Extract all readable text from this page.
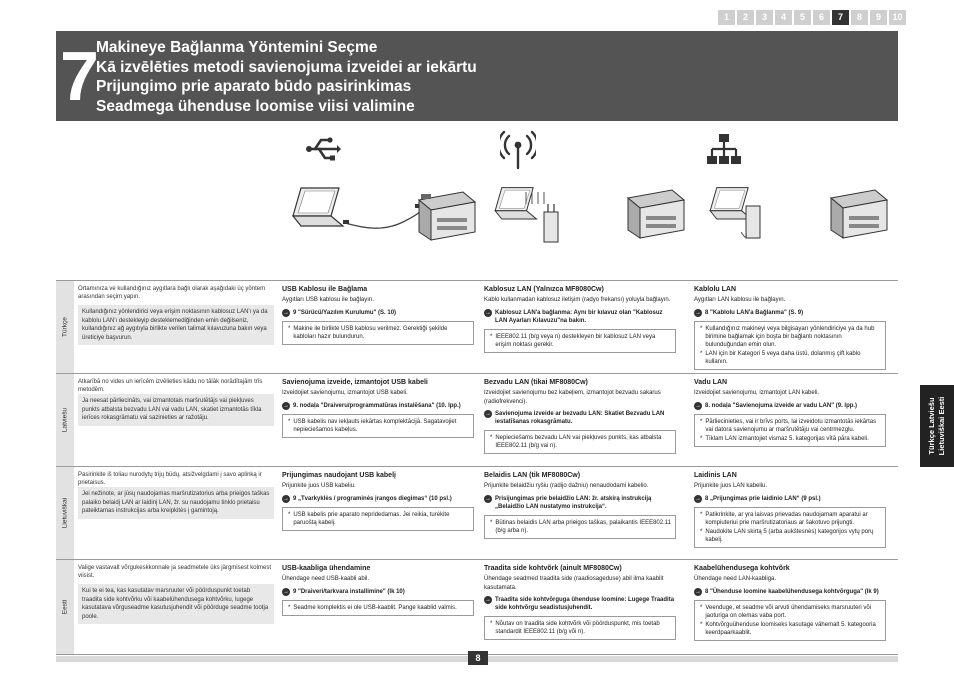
1	2	3	4	5	6	7	8	9	10
7
Makineye Bağlanma Yöntemini Seçme
Kā izvēlēties metodi savienojuma izveidei ar iekārtu
Prijungimo prie aparato būdo pasirinkimas
Seadmega ühenduse loomise viisi valimine
Türkçe
Ortamınıza ve kullandığınız aygıtlara bağlı olarak aşağıdaki üç yöntem arasından seçim yapın.
Kullandığınız yönlendirici veya erişim noktasının kablosuz LAN'ı ya da kablolu LAN'ı destekleyip desteklemediğinden emin değilseniz, kullandığınız ağ aygıtıyla birlikte verilen talimat kılavuzuna bakın veya üreticiye başvurun.
USB Kablosu ile Bağlama
Aygıtları USB kablosu ile bağlayın.
→ 9 "Sürücü/Yazılım Kurulumu" (S. 10)

* Makine ile birlikte USB kablosu verilmez. Gerektiği şekilde kabloları hazır bulundurun.

Kablosuz LAN (Yalnızca MF8080Cw)
Kablo kullanmadan kablosuz iletişim (radyo frekansı) yoluyla bağlayın.
→ Kablosuz LAN'a bağlanma: Aynı bir kılavuz olan "Kablosuz LAN Ayarları Kılavuzu"na bakın.

* IEEE802.11 (b/g veya n) destekleyen bir kablosuz LAN veya erişim noktası gerekir.

Kablolu LAN
Aygıtları LAN kablosu ile bağlayın.
→ 8 "Kablolu LAN'a Bağlanma" (S. 9)

* Kullandığınız makineyi veya bilgisayarı yönlendiriciye ya da hub birimine bağlamak için boşta bir bağlantı noktasının bulunduğundan emin olun.

* LAN için bir Kategori 5 veya daha üstü, dolanmış çift kablo kullanın.

Latviešu
Atkarībā no vides un ierīcēm izvēlieties kādu no tālāk norādītajām trīs metodēm.
Ja neesat pārliecināts, vai izmantotais maršrutētājs vai piekļuves punkts atbalsta bezvadu LAN vai vadu LAN, skatiet izmantotās tīkla ierīces rokasgrāmatu vai sazinieties ar ražotāju.
Savienojuma izveide, izmantojot USB kabeli
Izveidojiet savienojumu, izmantojot USB kabeli.
→ 9. nodaļa "Draiveru/programmatūras instalēšana" (10. lpp.)

* USB kabelis nav iekļauts iekārtas komplektācijā. Sagatavojiet nepieciešamos kabeļus.

Bezvadu LAN (tikai MF8080Cw)
Izveidojiet savienojumu bez kabeļiem, izmantojot bezvadu sakarus (radiofrekvenci).
→ Savienojuma izveide ar bezvadu LAN: Skatiet Bezvadu LAN iestatīšanas rokasgrāmatu.

* Nepieciešams bezvadu LAN vai piekļuves punkts, kas atbalsta IEEE802.11 (b/g vai n).

Vadu LAN
Izveidojiet savienojumu, izmantojot LAN kabeli.
→ 8. nodaļa "Savienojuma izveide ar vadu LAN" (9. lpp.)

* Pārliecinieties, vai ir brīvs ports, lai izveidotu izmantotās iekārtas vai datora savienojumu ar maršrutētāju vai centrmezglu.

* Tīklam LAN izmantojiet vismaz 5. kategorijas vītā pāra kabeli.

Lietuviškai
Pasirinkite iš toliau nurodytų trijų būdų, atsižvelgdami į savo aplinką ir prietaisus.
Jei nežinote, ar jūsų naudojamas maršrutizatorius arba prieigos taškas palaiko belaidį LAN ar laidinį LAN, žr. su naudojamu tinklo prietaisu pateiktamas instrukcijas arba kreipkitės į gamintoją.
Prijungimas naudojant USB kabelį
Prijunkite juos USB kabeliu.
→ 9 „Tvarkyklės / programinės įrangos diegimas“ (10 psl.)

* USB kabelis prie aparato nepridedamas. Jei reikia, turėkite paruoštą kabelį.

Belaidis LAN (tik MF8080Cw)
Prijunkite belaidžiu ryšiu (radijo dažniu) nenaudodami kabelio.
→ Prisijungimas prie belaidžio LAN: žr. atskirą instrukciją „Belaidžio LAN nustatymo instrukcija“.

* Būtinas belaidis LAN arba prieigos taškas, palaikantis IEEE802.11 (b/g arba n).

Laidinis LAN
Prijunkite juos LAN kabeliu.
→ 8 „Prijungimas prie laidinio LAN“ (9 psl.)

* Patikrinkite, ar yra laisvas prievadas naudojamam aparatui ar kompiuteriui prie maršrutizatoriaus ar šakotuvo prijungti.

* Naudokite LAN skirtą 5 (arba aukštesnės) kategorijos vytų porų kabelį.

Eesti
Valige vastavalt võrgukeskkonnale ja seadmetele üks järgmisest kolmest viisist.
Kui te ei tea, kas kasutatav marsruuter või pöörduspunkt toetab traadita side kohtvõrku või kaabelühendusega kohtvõrku, lugege kasutatava võrguseadme kasutusjuhendit või pöörduge seadme tootja poole.
USB-kaabliga ühendamine
Ühendage need USB-kaabli abil.
→ 9 "Draiveri/tarkvara installimine" (lk 10)

* Seadme komplektis ei ole USB-kaablit. Pange kaablid valmis.

Traadita side kohtvõrk (ainult MF8080Cw)
Ühendage seadmed traadita side (raadiosageduse) abil ilma kaablit kasutamata.
→ Traadita side kohtvõrguga ühenduse loomine: Lugege Traadita side kohtvõrgu seadistusjuhendit.

* Nõutav on traadita side kohtvõrk või pöörduspunkt, mis toetab standardit IEEE802.11 (b/g või n).

Kaabelühendusega kohtvõrk
Ühendage need LAN-kaabliga.
→ 8 "Ühenduse loomine kaabelühendusega kohtvõrguga" (lk 9)

* Veenduge, et seadme või arvuti ühendamiseks marsruuteri või jaoturiga on olemas vaba port.

* Kohtvõrguühenduse loomiseks kasutage vähemalt 5. kategooria keerdpaarkaablit.

Türkçe Latviešu
Lietuviškai Eesti
8
